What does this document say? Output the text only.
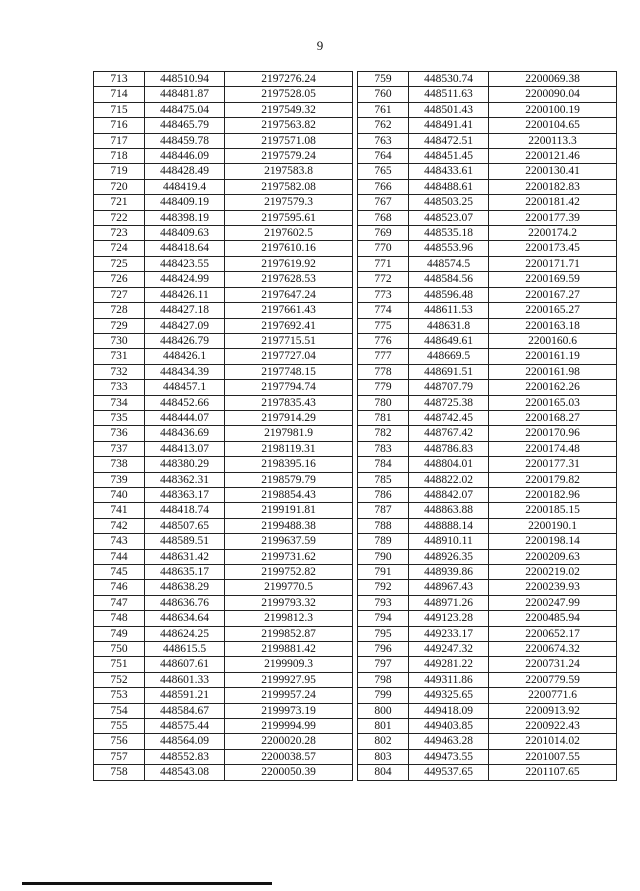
9
713	448510.94	2197276.24
714	448481.87	2197528.05
715	448475.04	2197549.32
716	448465.79	2197563.82
717	448459.78	2197571.08
718	448446.09	2197579.24
719	448428.49	2197583.8
720	448419.4	2197582.08
721	448409.19	2197579.3
722	448398.19	2197595.61
723	448409.63	2197602.5
724	448418.64	2197610.16
725	448423.55	2197619.92
726	448424.99	2197628.53
727	448426.11	2197647.24
728	448427.18	2197661.43
729	448427.09	2197692.41
730	448426.79	2197715.51
731	448426.1	2197727.04
732	448434.39	2197748.15
733	448457.1	2197794.74
734	448452.66	2197835.43
735	448444.07	2197914.29
736	448436.69	2197981.9
737	448413.07	2198119.31
738	448380.29	2198395.16
739	448362.31	2198579.79
740	448363.17	2198854.43
741	448418.74	2199191.81
742	448507.65	2199488.38
743	448589.51	2199637.59
744	448631.42	2199731.62
745	448635.17	2199752.82
746	448638.29	2199770.5
747	448636.76	2199793.32
748	448634.64	2199812.3
749	448624.25	2199852.87
750	448615.5	2199881.42
751	448607.61	2199909.3
752	448601.33	2199927.95
753	448591.21	2199957.24
754	448584.67	2199973.19
755	448575.44	2199994.99
756	448564.09	2200020.28
757	448552.83	2200038.57
758	448543.08	2200050.39
759	448530.74	2200069.38
760	448511.63	2200090.04
761	448501.43	2200100.19
762	448491.41	2200104.65
763	448472.51	2200113.3
764	448451.45	2200121.46
765	448433.61	2200130.41
766	448488.61	2200182.83
767	448503.25	2200181.42
768	448523.07	2200177.39
769	448535.18	2200174.2
770	448553.96	2200173.45
771	448574.5	2200171.71
772	448584.56	2200169.59
773	448596.48	2200167.27
774	448611.53	2200165.27
775	448631.8	2200163.18
776	448649.61	2200160.6
777	448669.5	2200161.19
778	448691.51	2200161.98
779	448707.79	2200162.26
780	448725.38	2200165.03
781	448742.45	2200168.27
782	448767.42	2200170.96
783	448786.83	2200174.48
784	448804.01	2200177.31
785	448822.02	2200179.82
786	448842.07	2200182.96
787	448863.88	2200185.15
788	448888.14	2200190.1
789	448910.11	2200198.14
790	448926.35	2200209.63
791	448939.86	2200219.02
792	448967.43	2200239.93
793	448971.26	2200247.99
794	449123.28	2200485.94
795	449233.17	2200652.17
796	449247.32	2200674.32
797	449281.22	2200731.24
798	449311.86	2200779.59
799	449325.65	2200771.6
800	449418.09	2200913.92
801	449403.85	2200922.43
802	449463.28	2201014.02
803	449473.55	2201007.55
804	449537.65	2201107.65
